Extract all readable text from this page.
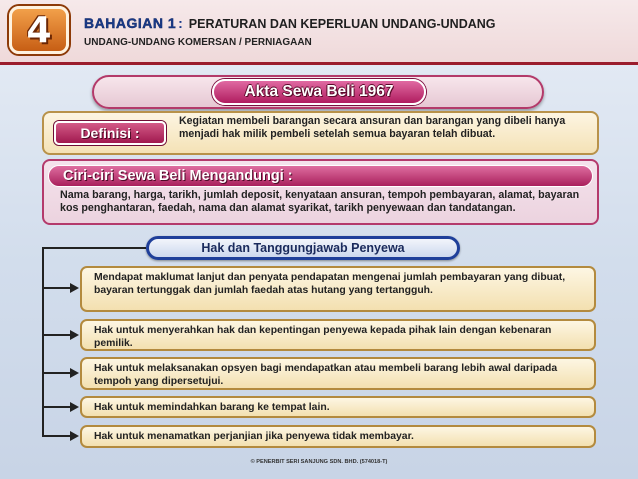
4	BAHAGIAN 1 : PERATURAN DAN KEPERLUAN UNDANG-UNDANG
UNDANG-UNDANG KOMERSAN / PERNIAGAAN
Akta Sewa Beli 1967
Definisi :
Kegiatan membeli barangan secara ansuran dan barangan yang dibeli hanya menjadi hak milik pembeli setelah semua bayaran telah dibuat.
Ciri-ciri Sewa Beli Mengandungi :
Nama barang, harga, tarikh, jumlah deposit, kenyataan ansuran, tempoh pembayaran, alamat, bayaran kos penghantaran, faedah, nama dan alamat syarikat, tarikh penyewaan dan tandatangan.
Hak dan Tanggungjawab Penyewa
Mendapat maklumat lanjut dan penyata pendapatan mengenai jumlah pembayaran yang dibuat, bayaran tertunggak dan jumlah faedah atas hutang yang tertangguh.
Hak untuk menyerahkan hak dan kepentingan penyewa kepada pihak lain dengan kebenaran pemilik.
Hak untuk melaksanakan opsyen bagi mendapatkan atau membeli barang lebih awal daripada tempoh yang dipersetujui.
Hak untuk memindahkan barang ke tempat lain.
Hak untuk menamatkan perjanjian jika penyewa tidak membayar.
© PENERBIT SERI SANJUNG SDN. BHD. (574018-T)
